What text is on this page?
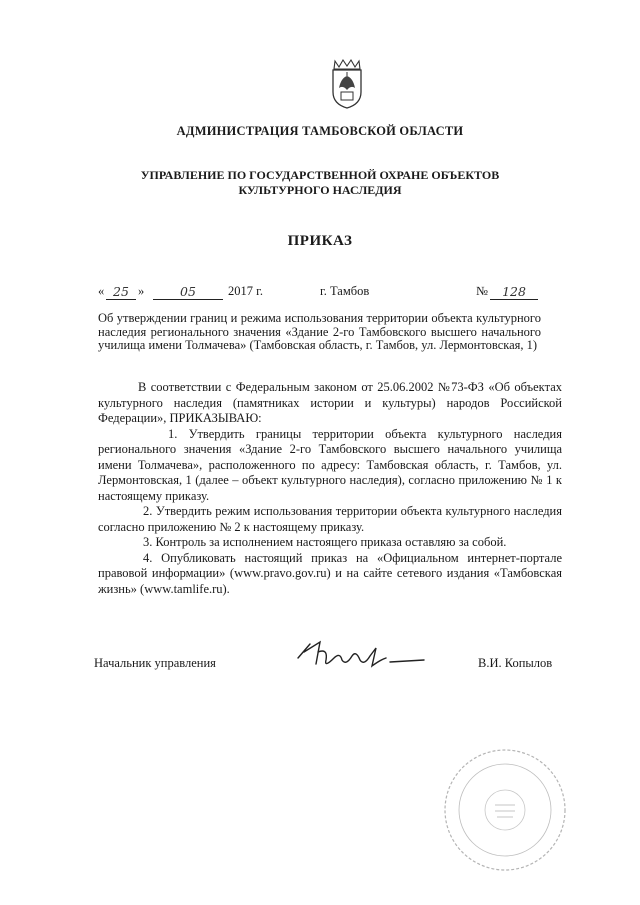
АДМИНИСТРАЦИЯ ТАМБОВСКОЙ ОБЛАСТИ
УПРАВЛЕНИЕ ПО ГОСУДАРСТВЕННОЙ ОХРАНЕ ОБЪЕКТОВ
КУЛЬТУРНОГО НАСЛЕДИЯ
ПРИКАЗ
« 25 »	05	2017 г.	г. Тамбов	№	128
Об утверждении границ и режима использования территории объекта культурного наследия регионального значения «Здание 2-го Тамбовского высшего начального училища имени Толмачева» (Тамбовская область, г. Тамбов, ул. Лермонтовская, 1)

В соответствии с Федеральным законом от 25.06.2002 №73-ФЗ «Об объектах культурного наследия (памятниках истории и культуры) народов Российской Федерации», ПРИКАЗЫВАЮ:

1. Утвердить границы территории объекта культурного наследия регионального значения «Здание 2-го Тамбовского высшего начального училища имени Толмачева», расположенного по адресу: Тамбовская область, г. Тамбов, ул. Лермонтовская, 1 (далее – объект культурного наследия), согласно приложению № 1 к настоящему приказу.

2. Утвердить режим использования территории объекта культурного наследия согласно приложению № 2 к настоящему приказу.

3. Контроль за исполнением настоящего приказа оставляю за собой.

4. Опубликовать настоящий приказ на «Официальном интернет-портале правовой информации» (www.pravo.gov.ru) и на сайте сетевого издания «Тамбовская жизнь» (www.tamlife.ru).

Начальник управления	В.И. Копылов
